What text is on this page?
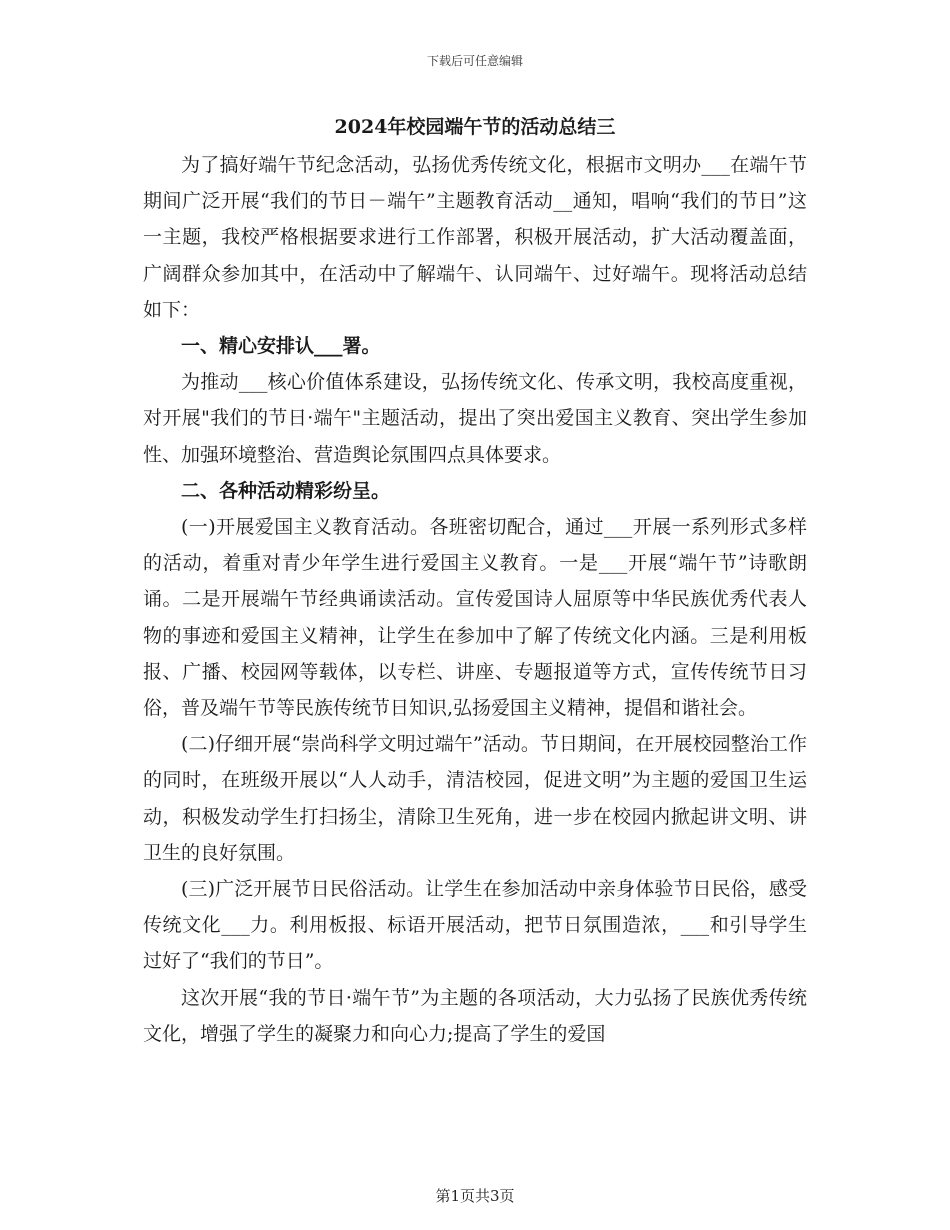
下载后可任意编辑
2024年校园端午节的活动总结三

为了搞好端午节纪念活动，弘扬优秀传统文化，根据市文明办___在端午节期间广泛开展“我们的节日－端午”主题教育活动__通知，唱响“我们的节日”这一主题，我校严格根据要求进行工作部署，积极开展活动，扩大活动覆盖面，广阔群众参加其中，在活动中了解端午、认同端午、过好端午。现将活动总结如下：

一、精心安排认___署。

为推动___核心价值体系建设，弘扬传统文化、传承文明，我校高度重视，对开展"我们的节日·端午"主题活动，提出了突出爱国主义教育、突出学生参加性、加强环境整治、营造舆论氛围四点具体要求。

二、各种活动精彩纷呈。

(一)开展爱国主义教育活动。各班密切配合，通过___开展一系列形式多样的活动，着重对青少年学生进行爱国主义教育。一是___开展“端午节”诗歌朗诵。二是开展端午节经典诵读活动。宣传爱国诗人屈原等中华民族优秀代表人物的事迹和爱国主义精神，让学生在参加中了解了传统文化内涵。三是利用板报、广播、校园网等载体，以专栏、讲座、专题报道等方式，宣传传统节日习俗，普及端午节等民族传统节日知识,弘扬爱国主义精神，提倡和谐社会。

(二)仔细开展“崇尚科学文明过端午”活动。节日期间，在开展校园整治工作的同时，在班级开展以“人人动手，清洁校园，促进文明”为主题的爱国卫生运动，积极发动学生打扫扬尘，清除卫生死角，进一步在校园内掀起讲文明、讲卫生的良好氛围。

(三)广泛开展节日民俗活动。让学生在参加活动中亲身体验节日民俗，感受传统文化___力。利用板报、标语开展活动，把节日氛围造浓，___和引导学生过好了“我们的节日”。

这次开展“我的节日·端午节”为主题的各项活动，大力弘扬了民族优秀传统文化，增强了学生的凝聚力和向心力;提高了学生的爱国

第1页共3页
